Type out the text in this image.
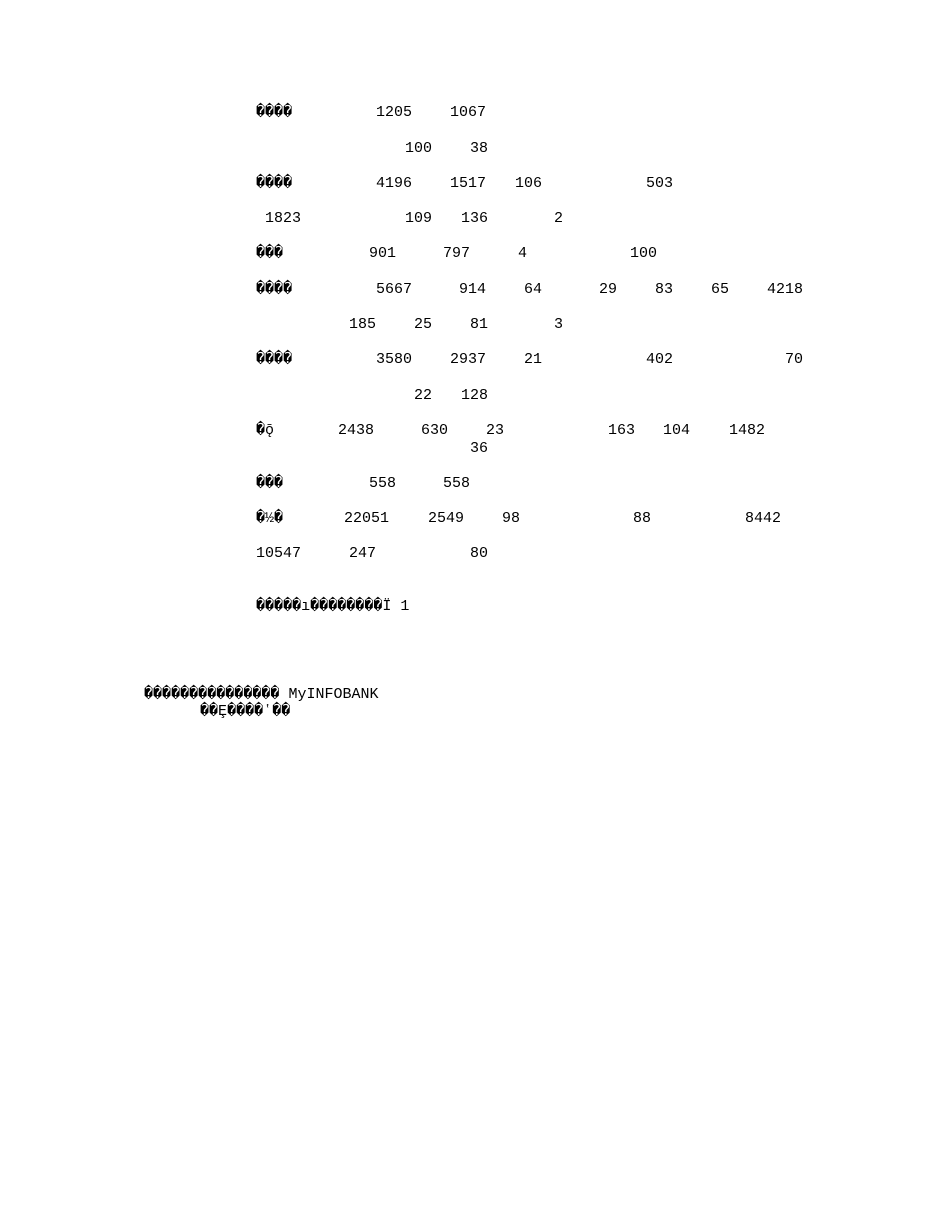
����	1205	1067
100	38
����	4196	1517 106	503
1823	109 136	2
���	901	797	4	100
����	5667	914	64	29	83	65	4218
185	25	81	3
����	3580	2937	21	402	70
22 128
�ǭ	2438	630	23	163 104	1482
36
���	558	558
�½�	22051	2549	98	88	8442
10547	247	80
�����ı��������Ï 1
��������������� MyINFOBANK
��Ȩ����ʽ��
